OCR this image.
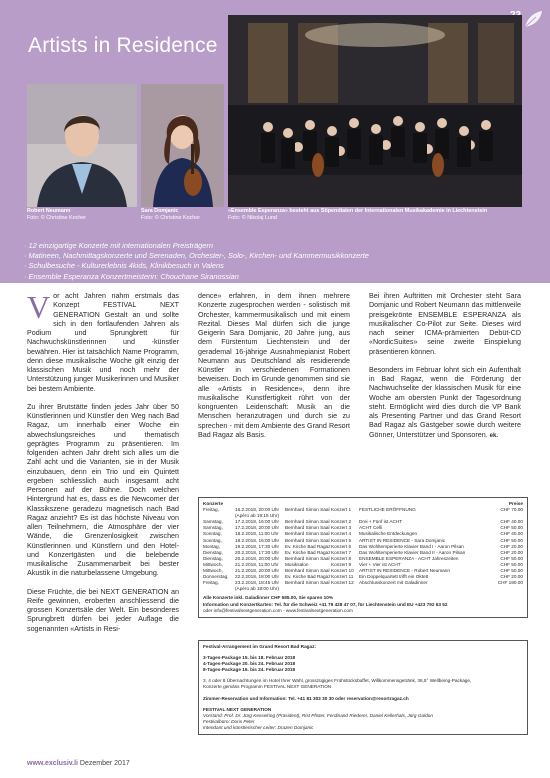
Artists in Residence
Robert Neumann
Foto: © Christine Kocher
Sara Domjanic
Foto: © Christine Kocher
«Ensemble Esperanza» besteht aus Stipendiaten der Internationalen Musikakademie in Liechtenstein
Foto: © Nikolaj Lund
· 12 einzigartige Konzerte mit internationalen Preisträgern
· Matineen, Nachmittagskonzerte und Serenaden, Orchester-, Solo-, Kirchen- und Kammermusikkonzerte
· Schulbesuche - Kulturerlebnis 4kids, Klinikbesuch in Valens
· Ensemble Esperanza Konzertmeisterin: Chouchane Siranossian

Vor acht Jahren nahm erstmals das Konzept FESTIVAL NEXT GENERATION Gestalt an und sollte sich in den fortlaufenden Jahren als Podium und Sprungbrett für Nachwuchskünstlerinnen und -künstler bewähren. Hier ist tatsächlich Name Programm, denn diese musikalische Woche gilt einzig der klassischen Musik und noch mehr der Unterstützung junger Musikerinnen und Musiker bei bestem Ambiente.

Zu ihrer Brutstätte finden jedes Jahr über 50 Künstlerinnen und Künstler den Weg nach Bad Ragaz, um innerhalb einer Woche ein abwechslungsreiches und thematisch geprägtes Programm zu präsentieren. Im folgenden achten Jahr dreht sich alles um die Zahl acht und die Varianten, sie in der Musik einzubauen, denn ein Trio und ein Quintett ergeben schliesslich auch insgesamt acht Personen auf der Bühne. Doch welchen Hintergrund hat es, dass es die Newcomer der Klassikszene geradezu magnetisch nach Bad Ragaz anzieht? Es ist das höchste Niveau von allen Teilnehmern, die Atmosphäre der vier Wände, die Grenzenlosigkeit zwischen Künstlerinnen und Künstlern und den Hotel- und Konzertgästen und die belebende musikalische Zusammenarbeit bei bester Akustik in die naturbelassene Umgebung.

Diese Früchte, die bei NEXT GENERATION an Reife gewinnen, eroberten anschliessend die grossen Konzertsäle der Welt. Ein besonderes Sprungbrett dürfen bei jeder Auflage die sogenannten «Artists in Resi-

dence» erfahren, in dem ihnen mehrere Konzerte zugesprochen werden - solistisch mit Orchester, kammermusikalisch und mit einem Rezital. Dieses Mal dürfen sich die junge Geigerin Sara Domjanic, 20 Jahre jung, aus dem Fürstentum Liechtenstein und der gerademal 16-jährige Ausnahmepianist Robert Neumann aus Deutschland als residierende Künstler in verschiedenen Formationen beweisen. Doch im Grunde genommen sind sie alle «Artists in Residence», denn ihre musikalische Kunstfertigkeit rührt von der kongruenten Leidenschaft: Musik an die Menschen heranzutragen und durch sie zu sprechen - mit dem Ambiente des Grand Resort Bad Ragaz als Basis.

Bei ihren Auftritten mit Orchester steht Sara Domjanic und Robert Neumann das mittlerweile preisgekrönte ENSEMBLE ESPERANZA als musikalischer Co-Pilot zur Seite. Dieses wird nach seiner ICMA-prämierten Debüt-CD «NordicSuites» seine zweite Einspielung präsentieren können.

Besonders im Februar lohnt sich ein Aufenthalt in Bad Ragaz, wenn die Förderung der Nachwuchselite der klassischen Musik für eine Woche am obersten Punkt der Tagesordnung steht. Ermöglicht wird dies durch die VP Bank als Presenting Partner und das Grand Resort Bad Ragaz als Gastgeber sowie durch weitere Gönner, Unterstützer und Sponsoren. ek.

Konzerte	Preise
Freitag,	16.2.2018, 20:00 Uhr	Bernhard Simon Saal Konzert 1	FESTLICHE ERÖFFNUNG	CHF 70.00
(Apéro ab 19:15 Uhr)
Samstag,	17.2.2018, 16:00 Uhr	Bernhard Simon Saal Konzert 2	Drei + Fünf ist ACHT	CHF 40.00
Samstag,	17.2.2018, 20:00 Uhr	Bernhard Simon Saal Konzert 3	ACHT Celli	CHF 50.00
Sonntag,	18.2.2018, 11:00 Uhr	Bernhard Simon Saal Konzert 4	Musikalische Entdeckungen	CHF 40.00
Sonntag,	18.2.2018, 16:00 Uhr	Bernhard Simon Saal Konzert 5	ARTIST IN RESIDENCE - Sara Domjanic	CHF 50.00
Montag,	19.2.2018, 17:30 Uhr	Ev. Kirche Bad Ragaz Konzert 6	Das Wohltemperierte Klavier Band I - Aaron Pilsan	CHF 20.00
Dienstag,	20.2.2018, 17:30 Uhr	Ev. Kirche Bad Ragaz Konzert 7	Das Wohltemperierte Klavier Band II - Aaron Pilsan	CHF 20.00
Dienstag,	20.2.2018, 20:00 Uhr	Bernhard Simon Saal Konzert 8	ENSEMBLE ESPERANZA - ACHT Jahreszeiten	CHF 50.00
Mittwoch,	21.2.2018, 11:00 Uhr	Musiksalon	Konzert 9	Vier + Vier ist ACHT	CHF 50.00
Mittwoch,	21.2.2018, 20:00 Uhr	Bernhard Simon Saal Konzert 10	ARTIST IN RESIDENCE - Robert Neumann	CHF 50.00
Donnerstag,	22.2.2018, 18:00 Uhr	Ev. Kirche Bad Ragaz Konzert 11	Ein Doppelquartett trifft ein Oktett	CHF 20.00
Freitag,	23.2.2018, 18:45 Uhr	Bernhard Simon Saal Konzert 12	Abschlusskonzert mit Galadinner	CHF 190.00
(Apéro ab 18:00 Uhr)
Alle Konzerte inkl. Galadinner CHF 585.00, Sie sparen 10%
Information und Konzertkarten: Tel. für die Schweiz +41 79 428 47 07, für Liechtenstein und EU +423 792 63 52
oder info@festivalnextgeneration.com - www.festivalnextgeneration.com
Festival-Arrangement im Grand Resort Bad Ragaz:
3-Tages-Package 15. bis 18. Februar 2018
4-Tages-Package 20. bis 24. Februar 2018
8-Tages-Package 16. bis 24. Februar 2018
3, 4 oder 8 Übernachtungen im Hotel Ihrer Wahl, grosszügiges Frühstücksbuffet, Willkommensgetränk, 36,5° Wellbeing-Package,
Konzerte gemäss Programm FESTIVAL NEXT GENERATION
Zimmer-Reservation und Information: Tel. +41 81 303 30 30 oder reservation@resortragaz.ch
FESTIVAL NEXT GENERATION
Vorstand: Prof. Dr. Jürg Kesselring (Präsident), Rist Pfister, Ferdinand Riederer, Daniel Kellerhals, Jürg Guldon
Festivalbüro: Doris Peter
Intendant und künstlerischer Leiter: Drazen Domjanic
www.exclusiv.li Dezember 2017
